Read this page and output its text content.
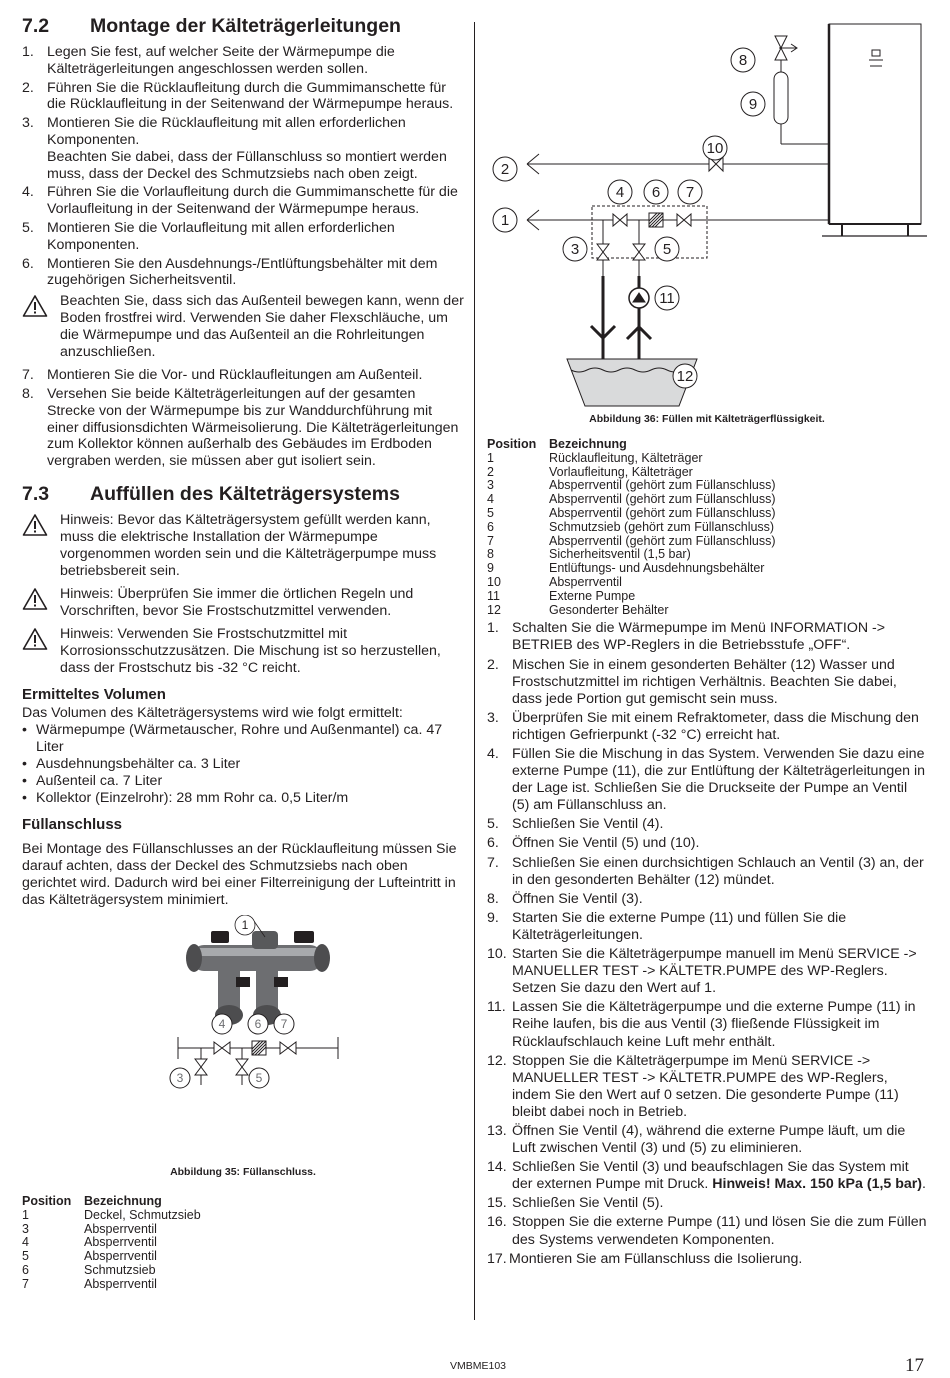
7.2	Montage der Kälteträgerleitungen
1. Legen Sie fest, auf welcher Seite der Wärmepumpe die Kälteträgerleitungen angeschlossen werden sollen.
2. Führen Sie die Rücklaufleitung durch die Gummimanschette für die Rücklaufleitung in der Seitenwand der Wärmepumpe heraus.
3. Montieren Sie die Rücklaufleitung mit allen erforderlichen Komponenten.
Beachten Sie dabei, dass der Füllanschluss so montiert werden muss, dass der Deckel des Schmutzsiebs nach oben zeigt.
4. Führen Sie die Vorlaufleitung durch die Gummimanschette für die Vorlaufleitung in der Seitenwand der Wärmepumpe heraus.
5. Montieren Sie die Vorlaufleitung mit allen erforderlichen Komponenten.
6. Montieren Sie den Ausdehnungs-/Entlüftungsbehälter mit dem zugehörigen Sicherheitsventil.
Beachten Sie, dass sich das Außenteil bewegen kann, wenn der Boden frostfrei wird. Verwenden Sie daher Flexschläuche, um die Wärmepumpe und das Außenteil an die Rohrleitungen anzuschließen.
7. Montieren Sie die Vor- und Rücklaufleitungen am Außenteil.
8. Versehen Sie beide Kälteträgerleitungen auf der gesamten Strecke von der Wärmepumpe bis zur Wanddurchführung mit einer diffusionsdichten Wärmeisolierung. Die Kälteträgerleitungen zum Kollektor können außerhalb des Gebäudes im Erdboden vergraben werden, sie müssen aber gut isoliert sein.
7.3	Auffüllen des Kälteträgersystems
Hinweis: Bevor das Kälteträgersystem gefüllt werden kann, muss die elektrische Installation der Wärmepumpe vorgenommen worden sein und die Kälteträgerpumpe muss betriebsbereit sein.
Hinweis: Überprüfen Sie immer die örtlichen Regeln und Vorschriften, bevor Sie Frostschutzmittel verwenden.
Hinweis: Verwenden Sie Frostschutzmittel mit Korrosionsschutzzusätzen. Die Mischung ist so herzustellen, dass der Frostschutz bis -32 °C reicht.
Ermitteltes Volumen

Das Volumen des Kälteträgersystems wird wie folgt ermittelt:

• Wärmepumpe (Wärmetauscher, Rohre und Außenmantel) ca. 47 Liter
• Ausdehnungsbehälter ca. 3 Liter
• Außenteil ca. 7 Liter
• Kollektor (Einzelrohr): 28 mm Rohr ca. 0,5 Liter/m
Füllanschluss

Bei Montage des Füllanschlusses an der Rücklaufleitung müssen Sie darauf achten, dass der Deckel des Schmutzsiebs nach oben gerichtet wird. Dadurch wird bei einer Filterreinigung der Lufteintritt in das Kälteträgersystem minimiert.

1
4 6 7
3	5
Abbildung 35: Füllanschluss.
Position	Bezeichnung
1	Deckel, Schmutzsieb
3	Absperrventil
4	Absperrventil
5	Absperrventil
6	Schmutzsieb
7	Absperrventil
8
9
10
2
4 6 7
1
3	5
11
12
Abbildung 36: Füllen mit Kälteträgerflüssigkeit.
Position	Bezeichnung
1	Rücklaufleitung, Kälteträger
2	Vorlaufleitung, Kälteträger
3	Absperrventil (gehört zum Füllanschluss)
4	Absperrventil (gehört zum Füllanschluss)
5	Absperrventil (gehört zum Füllanschluss)
6	Schmutzsieb (gehört zum Füllanschluss)
7	Absperrventil (gehört zum Füllanschluss)
8	Sicherheitsventil (1,5 bar)
9	Entlüftungs- und Ausdehnungsbehälter
10	Absperrventil
11	Externe Pumpe
12	Gesonderter Behälter
1. Schalten Sie die Wärmepumpe im Menü INFORMATION -> BETRIEB des WP-Reglers in die Betriebsstufe „OFF“.
2. Mischen Sie in einem gesonderten Behälter (12) Wasser und Frostschutzmittel im richtigen Verhältnis. Beachten Sie dabei, dass jede Portion gut gemischt sein muss.
3. Überprüfen Sie mit einem Refraktometer, dass die Mischung den richtigen Gefrierpunkt (-32 °C) erreicht hat.
4. Füllen Sie die Mischung in das System. Verwenden Sie dazu eine externe Pumpe (11), die zur Entlüftung der Kälteträgerleitungen in der Lage ist. Schließen Sie die Druckseite der Pumpe an Ventil (5) am Füllanschluss an.
5. Schließen Sie Ventil (4).
6. Öffnen Sie Ventil (5) und (10).
7. Schließen Sie einen durchsichtigen Schlauch an Ventil (3) an, der in den gesonderten Behälter (12) mündet.
8. Öffnen Sie Ventil (3).
9. Starten Sie die externe Pumpe (11) und füllen Sie die Kälteträgerleitungen.
10. Starten Sie die Kälteträgerpumpe manuell im Menü SERVICE -> MANUELLER TEST -> KÄLTETR.PUMPE des WP-Reglers. Setzen Sie dazu den Wert auf 1.
11. Lassen Sie die Kälteträgerpumpe und die externe Pumpe (11) in Reihe laufen, bis die aus Ventil (3) fließende Flüssigkeit im Rücklaufschlauch keine Luft mehr enthält.
12. Stoppen Sie die Kälteträgerpumpe im Menü SERVICE -> MANUELLER TEST -> KÄLTETR.PUMPE des WP-Reglers, indem Sie den Wert auf 0 setzen. Die gesonderte Pumpe (11) bleibt dabei noch in Betrieb.
13. Öffnen Sie Ventil (4), während die externe Pumpe läuft, um die Luft zwischen Ventil (3) und (5) zu eliminieren.
14. Schließen Sie Ventil (3) und beaufschlagen Sie das System mit der externen Pumpe mit Druck. Hinweis! Max. 150 kPa (1,5 bar).
15. Schließen Sie Ventil (5).
16. Stoppen Sie die externe Pumpe (11) und lösen Sie die zum Füllen des Systems verwendeten Komponenten.
17. Montieren Sie am Füllanschluss die Isolierung.
VMBME103	17
